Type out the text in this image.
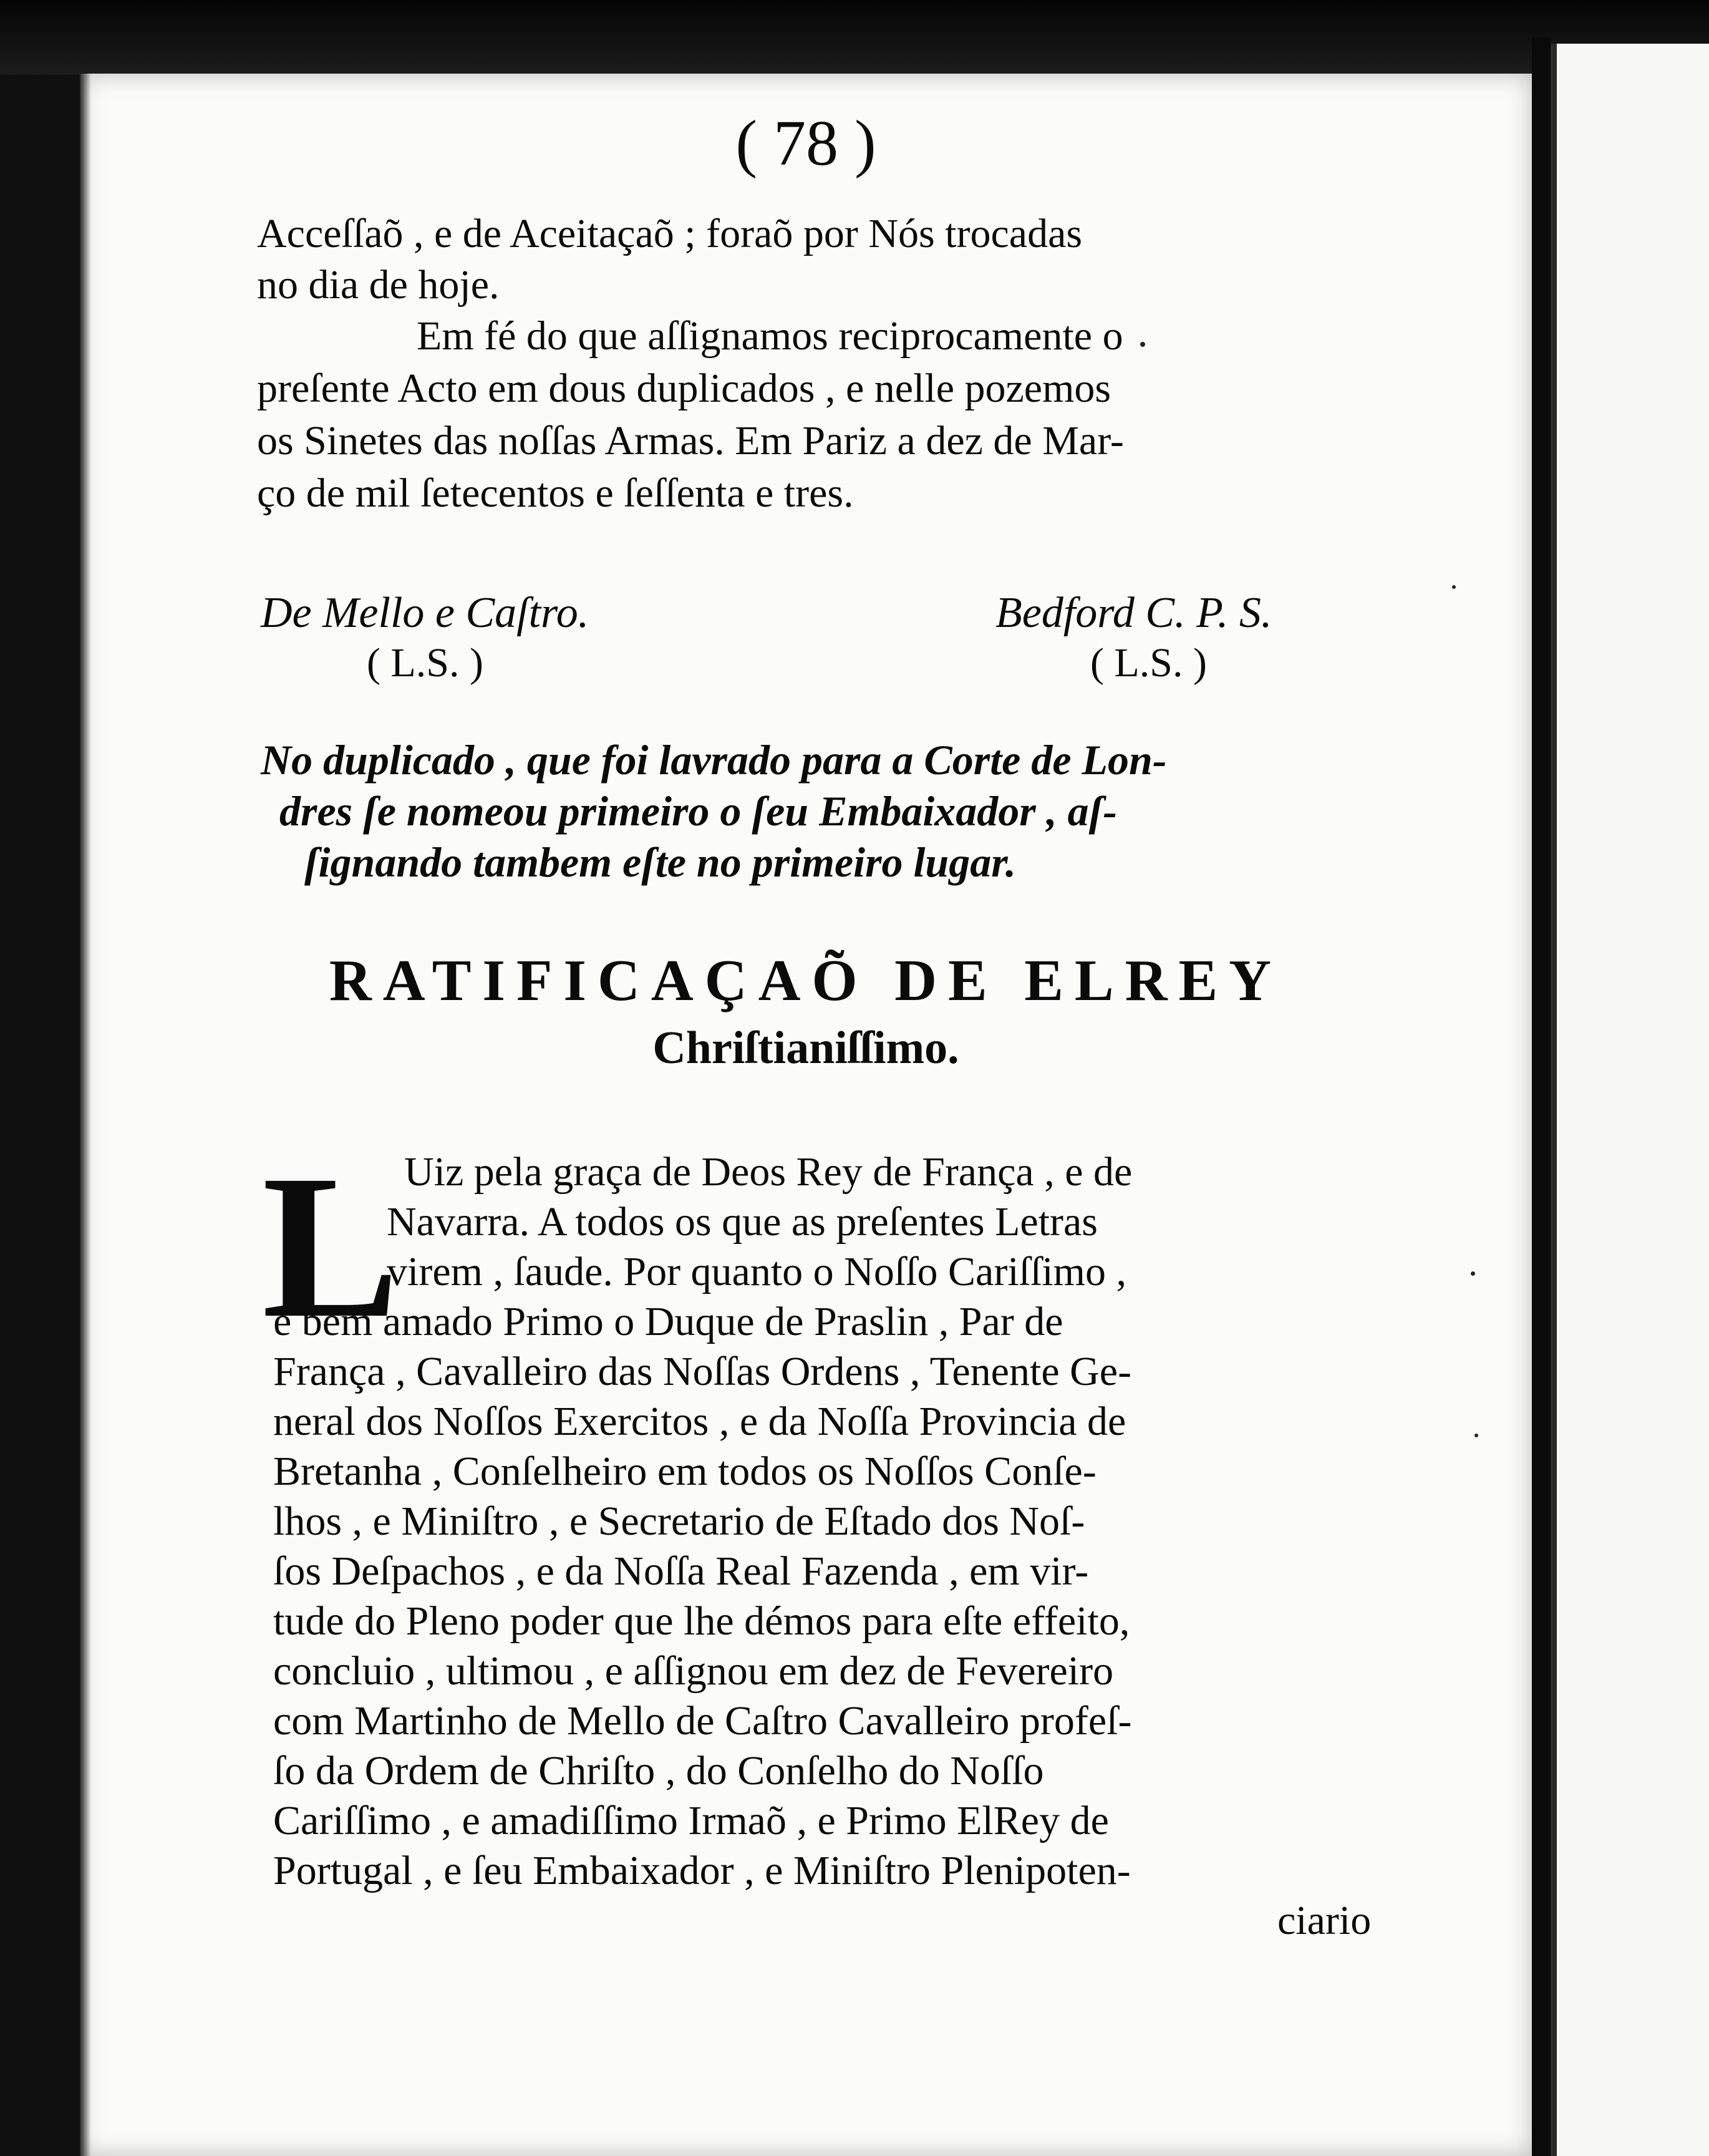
( 78 )
Acceſſaõ , e de Aceitaçaõ ; foraõ por Nós trocadas
no dia de hoje.
Em fé do que aſſignamos reciprocamente o
preſente Acto em dous duplicados , e nelle pozemos
os Sinetes das noſſas Armas. Em Pariz a dez de Mar-
ço de mil ſetecentos e ſeſſenta e tres.
De Mello e Caſtro.
( L.S. )
Bedford C. P. S.
( L.S. )
No duplicado , que foi lavrado para a Corte de Lon-
dres ſe nomeou primeiro o ſeu Embaixador , aſ-
ſignando tambem eſte no primeiro lugar.
RATIFICAÇAÕ DE ELREY
Chriſtianiſſimo.
L Uiz pela graça de Deos Rey de França , e de
Navarra. A todos os que as preſentes Letras
virem , ſaude. Por quanto o Noſſo Cariſſimo ,
e bem amado Primo o Duque de Praslin , Par de
França , Cavalleiro das Noſſas Ordens , Tenente Ge-
neral dos Noſſos Exercitos , e da Noſſa Provincia de
Bretanha , Conſelheiro em todos os Noſſos Conſe-
lhos , e Miniſtro , e Secretario de Eſtado dos Noſ-
ſos Deſpachos , e da Noſſa Real Fazenda , em vir-
tude do Pleno poder que lhe démos para eſte effeito,
concluio , ultimou , e aſſignou em dez de Fevereiro
com Martinho de Mello de Caſtro Cavalleiro profeſ-
ſo da Ordem de Chriſto , do Conſelho do Noſſo
Cariſſimo , e amadiſſimo Irmaõ , e Primo ElRey de
Portugal , e ſeu Embaixador , e Miniſtro Plenipoten-
ciario
